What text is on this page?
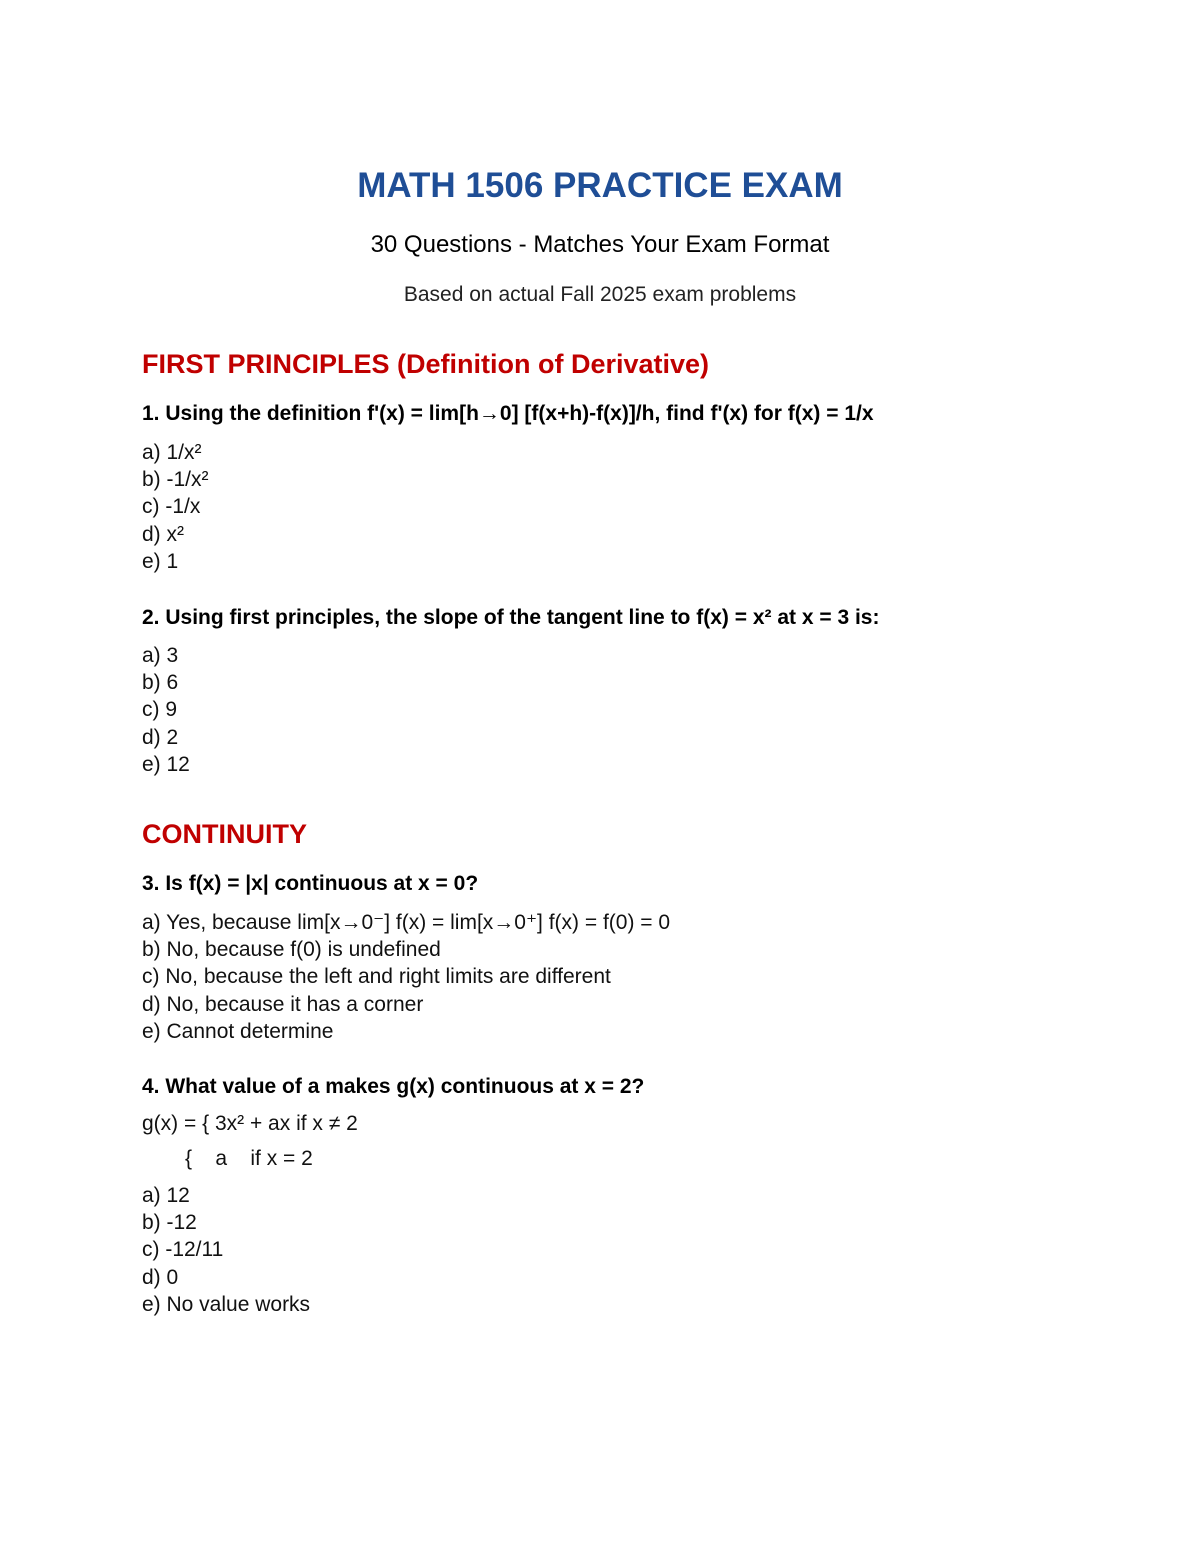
MATH 1506 PRACTICE EXAM
30 Questions - Matches Your Exam Format
Based on actual Fall 2025 exam problems
FIRST PRINCIPLES (Definition of Derivative)
1. Using the definition f'(x) = lim[h→0] [f(x+h)-f(x)]/h, find f'(x) for f(x) = 1/x
a) 1/x²
b) -1/x²
c) -1/x
d) x²
e) 1
2. Using first principles, the slope of the tangent line to f(x) = x² at x = 3 is:
a) 3
b) 6
c) 9
d) 2
e) 12
CONTINUITY
3. Is f(x) = |x| continuous at x = 0?
a) Yes, because lim[x→0⁻] f(x) = lim[x→0⁺] f(x) = f(0) = 0
b) No, because f(0) is undefined
c) No, because the left and right limits are different
d) No, because it has a corner
e) Cannot determine
4. What value of a makes g(x) continuous at x = 2?
g(x) = { 3x² + ax if x ≠ 2
{    a    if x = 2
a) 12
b) -12
c) -12/11
d) 0
e) No value works
